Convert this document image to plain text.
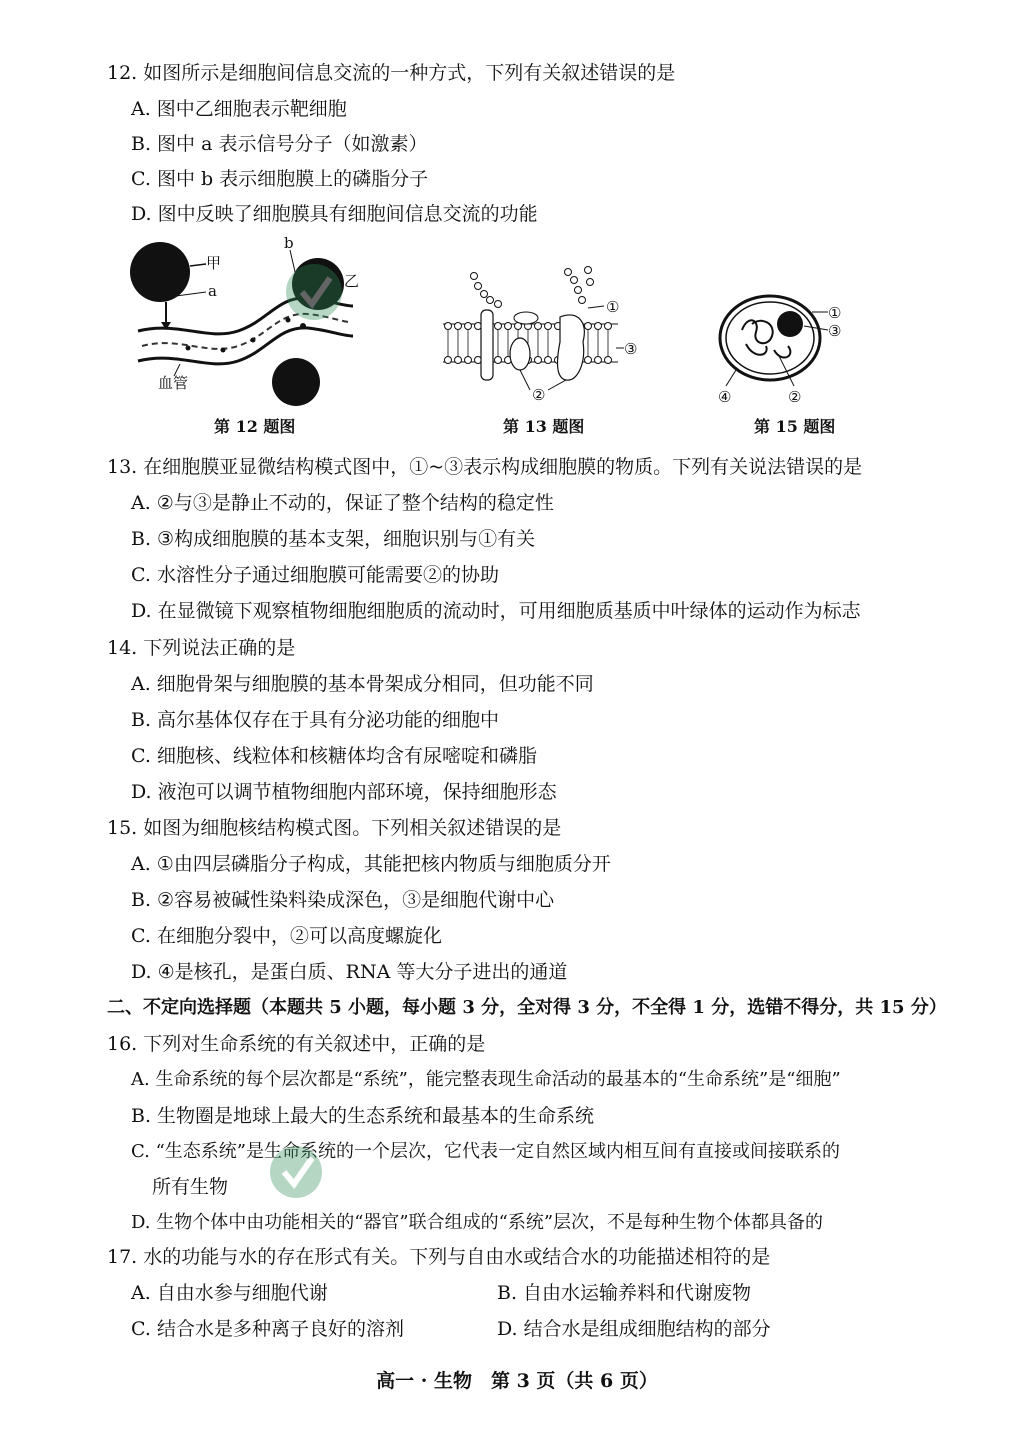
12. 如图所示是细胞间信息交流的一种方式，下列有关叙述错误的是
A. 图中乙细胞表示靶细胞
B. 图中 a 表示信号分子（如激素）
C. 图中 b 表示细胞膜上的磷脂分子
D. 图中反映了细胞膜具有细胞间信息交流的功能
甲
a
b
乙
血管
第 12 题图
①
③
②
第 13 题图
①
③
②
④
第 15 题图
13. 在细胞膜亚显微结构模式图中，①~③表示构成细胞膜的物质。下列有关说法错误的是
A. ②与③是静止不动的，保证了整个结构的稳定性
B. ③构成细胞膜的基本支架，细胞识别与①有关
C. 水溶性分子通过细胞膜可能需要②的协助
D. 在显微镜下观察植物细胞细胞质的流动时，可用细胞质基质中叶绿体的运动作为标志
14. 下列说法正确的是
A. 细胞骨架与细胞膜的基本骨架成分相同，但功能不同
B. 高尔基体仅存在于具有分泌功能的细胞中
C. 细胞核、线粒体和核糖体均含有尿嘧啶和磷脂
D. 液泡可以调节植物细胞内部环境，保持细胞形态
15. 如图为细胞核结构模式图。下列相关叙述错误的是
A. ①由四层磷脂分子构成，其能把核内物质与细胞质分开
B. ②容易被碱性染料染成深色，③是细胞代谢中心
C. 在细胞分裂中，②可以高度螺旋化
D. ④是核孔，是蛋白质、RNA 等大分子进出的通道
二、不定向选择题（本题共 5 小题，每小题 3 分，全对得 3 分，不全得 1 分，选错不得分，共 15 分）
16. 下列对生命系统的有关叙述中，正确的是
A. 生命系统的每个层次都是“系统”，能完整表现生命活动的最基本的“生命系统”是“细胞”
B. 生物圈是地球上最大的生态系统和最基本的生命系统
C. “生态系统”是生命系统的一个层次，它代表一定自然区域内相互间有直接或间接联系的
所有生物
D. 生物个体中由功能相关的“器官”联合组成的“系统”层次，不是每种生物个体都具备的
17. 水的功能与水的存在形式有关。下列与自由水或结合水的功能描述相符的是
A. 自由水参与细胞代谢	B. 自由水运输养料和代谢废物
C. 结合水是多种离子良好的溶剂	D. 结合水是组成细胞结构的部分
高一 · 生物　第 3 页（共 6 页）
